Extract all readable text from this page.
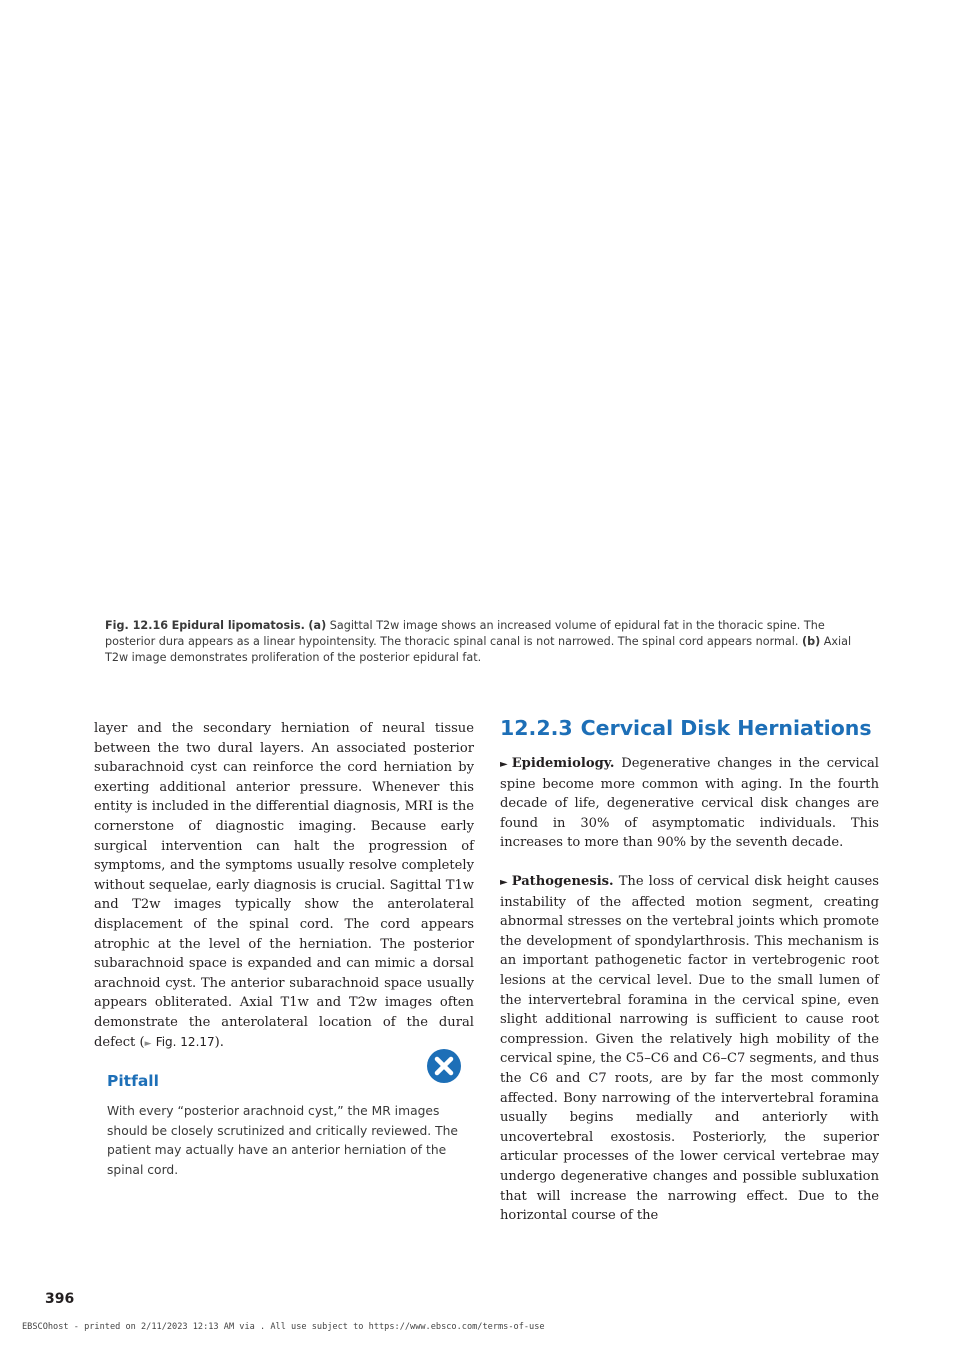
Fig. 12.16 Epidural lipomatosis. (a) Sagittal T2w image shows an increased volume of epidural fat in the thoracic spine. The posterior dura appears as a linear hypointensity. The thoracic spinal canal is not narrowed. The spinal cord appears normal. (b) Axial T2w image demonstrates proliferation of the posterior epidural fat.
layer and the secondary herniation of neural tissue between the two dural layers. An associated posterior subarachnoid cyst can reinforce the cord herniation by exerting additional anterior pressure. Whenever this entity is included in the differential diagnosis, MRI is the cornerstone of diagnostic imaging. Because early surgical intervention can halt the progression of symptoms, and the symptoms usually resolve completely without sequelae, early diagnosis is crucial. Sagittal T1w and T2w images typically show the anterolateral displacement of the spinal cord. The cord appears atrophic at the level of the herniation. The posterior subarachnoid space is expanded and can mimic a dorsal arachnoid cyst. The anterior subarachnoid space usually appears obliterated. Axial T1w and T2w images often demonstrate the anterolateral location of the dural defect (► Fig. 12.17).
Pitfall
With every “posterior arachnoid cyst,” the MR images should be closely scrutinized and critically reviewed. The patient may actually have an anterior herniation of the spinal cord.
12.2.3 Cervical Disk Herniations
► Epidemiology. Degenerative changes in the cervical spine become more common with aging. In the fourth decade of life, degenerative cervical disk changes are found in 30% of asymptomatic individuals. This increases to more than 90% by the seventh decade.
► Pathogenesis. The loss of cervical disk height causes instability of the affected motion segment, creating abnormal stresses on the vertebral joints which promote the development of spondylarthrosis. This mechanism is an important pathogenetic factor in vertebrogenic root lesions at the cervical level. Due to the small lumen of the intervertebral foramina in the cervical spine, even slight additional narrowing is sufficient to cause root compression. Given the relatively high mobility of the cervical spine, the C5–C6 and C6–C7 segments, and thus the C6 and C7 roots, are by far the most commonly affected. Bony narrowing of the intervertebral foramina usually begins medially and anteriorly with uncovertebral exostosis. Posteriorly, the superior articular processes of the lower cervical vertebrae may undergo degenerative changes and possible subluxation that will increase the narrowing effect. Due to the horizontal course of the
396
EBSCOhost - printed on 2/11/2023 12:13 AM via . All use subject to https://www.ebsco.com/terms-of-use
